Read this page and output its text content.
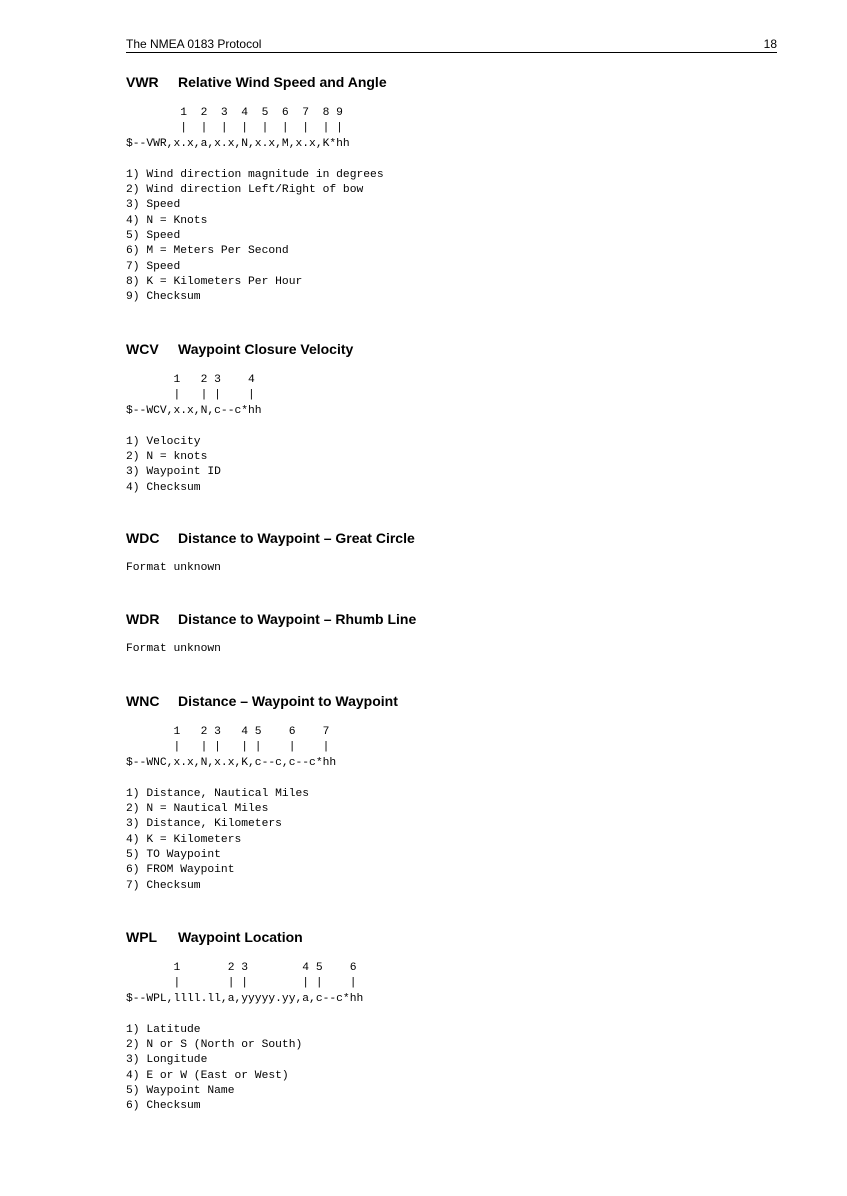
The NMEA 0183 Protocol	18
VWR Relative Wind Speed and Angle
1  2  3  4  5  6  7  8 9
|  |  |  |  |  |  |  | |
$--VWR,x.x,a,x.x,N,x.x,M,x.x,K*hh
1) Wind direction magnitude in degrees
2) Wind direction Left/Right of bow
3) Speed
4) N = Knots
5) Speed
6) M = Meters Per Second
7) Speed
8) K = Kilometers Per Hour
9) Checksum
WCV Waypoint Closure Velocity
1   2 3    4
|   | |    |
$--WCV,x.x,N,c--c*hh
1) Velocity
2) N = knots
3) Waypoint ID
4) Checksum
WDC Distance to Waypoint – Great Circle
Format unknown
WDR Distance to Waypoint – Rhumb Line
Format unknown
WNC Distance – Waypoint to Waypoint
1   2 3   4 5    6    7
|   | |   | |    |    |
$--WNC,x.x,N,x.x,K,c--c,c--c*hh
1) Distance, Nautical Miles
2) N = Nautical Miles
3) Distance, Kilometers
4) K = Kilometers
5) TO Waypoint
6) FROM Waypoint
7) Checksum
WPL Waypoint Location
1       2 3        4 5    6
|       | |        | |    |
$--WPL,llll.ll,a,yyyyy.yy,a,c--c*hh
1) Latitude
2) N or S (North or South)
3) Longitude
4) E or W (East or West)
5) Waypoint Name
6) Checksum
